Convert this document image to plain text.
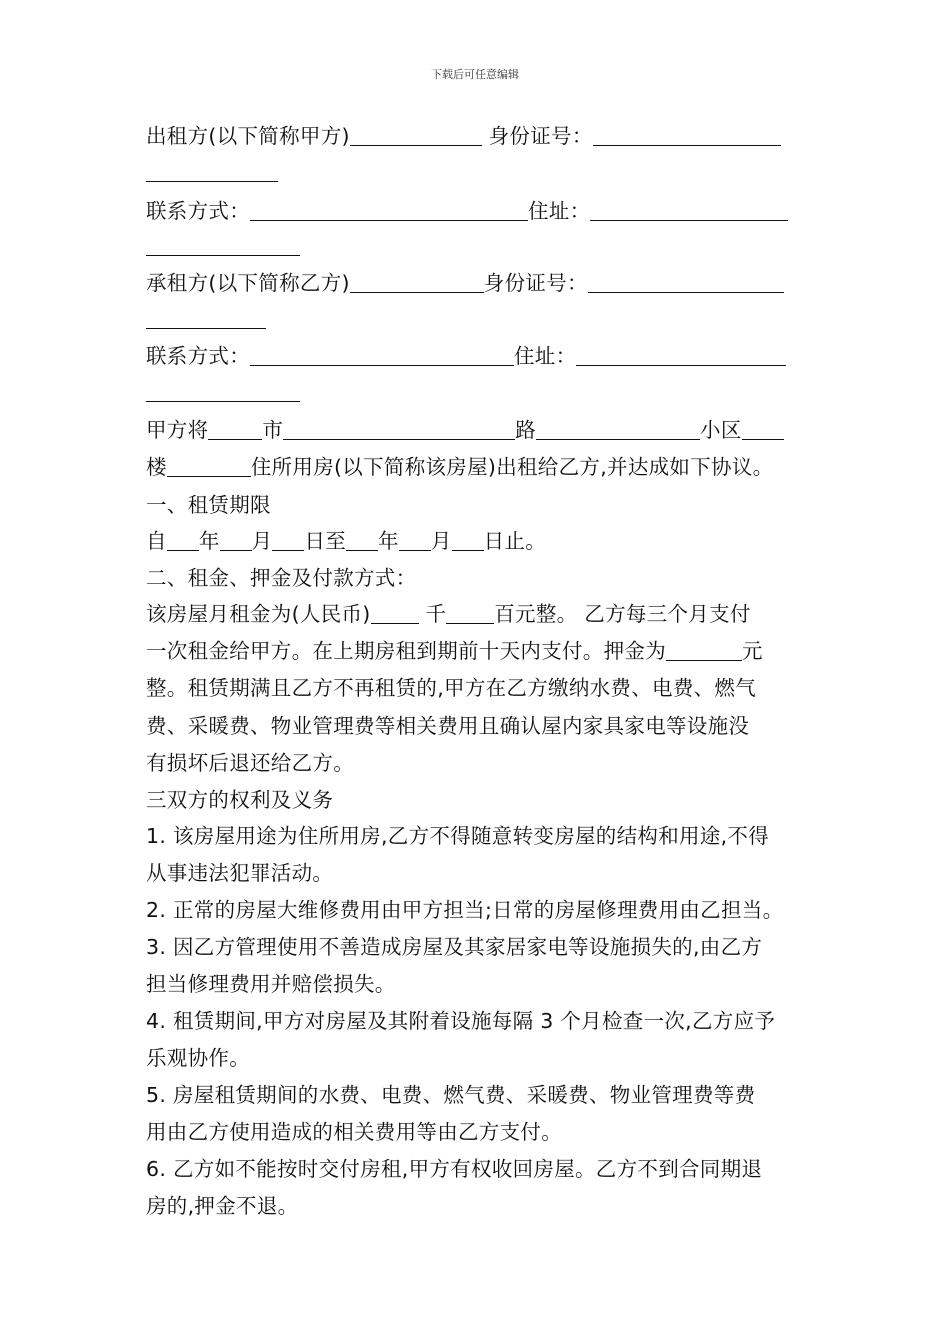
下载后可任意编辑
出租方(以下简称甲方)	身份证号：
联系方式：	住址：
承租方(以下简称乙方)	身份证号：
联系方式：	住址：
甲方将	市	路	小区
楼	住所用房(以下简称该房屋)出租给乙方,并达成如下协议。
一、租赁期限
自 年 月 日至 年 月 日止。
二、租金、押金及付款方式：
该房屋月租金为(人民币)	千 百元整。 乙方每三个月支付
一次租金给甲方。在上期房租到期前十天内支付。押金为	元
整。租赁期满且乙方不再租赁的,甲方在乙方缴纳水费、电费、燃气
费、采暖费、物业管理费等相关费用且确认屋内家具家电等设施没
有损坏后退还给乙方。
三双方的权利及义务
1. 该房屋用途为住所用房,乙方不得随意转变房屋的结构和用途,不得
从事违法犯罪活动。
2. 正常的房屋大维修费用由甲方担当;日常的房屋修理费用由乙担当。
3. 因乙方管理使用不善造成房屋及其家居家电等设施损失的,由乙方
担当修理费用并赔偿损失。
4. 租赁期间,甲方对房屋及其附着设施每隔 3 个月检查一次,乙方应予
乐观协作。
5. 房屋租赁期间的水费、电费、燃气费、采暖费、物业管理费等费
用由乙方使用造成的相关费用等由乙方支付。
6. 乙方如不能按时交付房租,甲方有权收回房屋。乙方不到合同期退
房的,押金不退。
